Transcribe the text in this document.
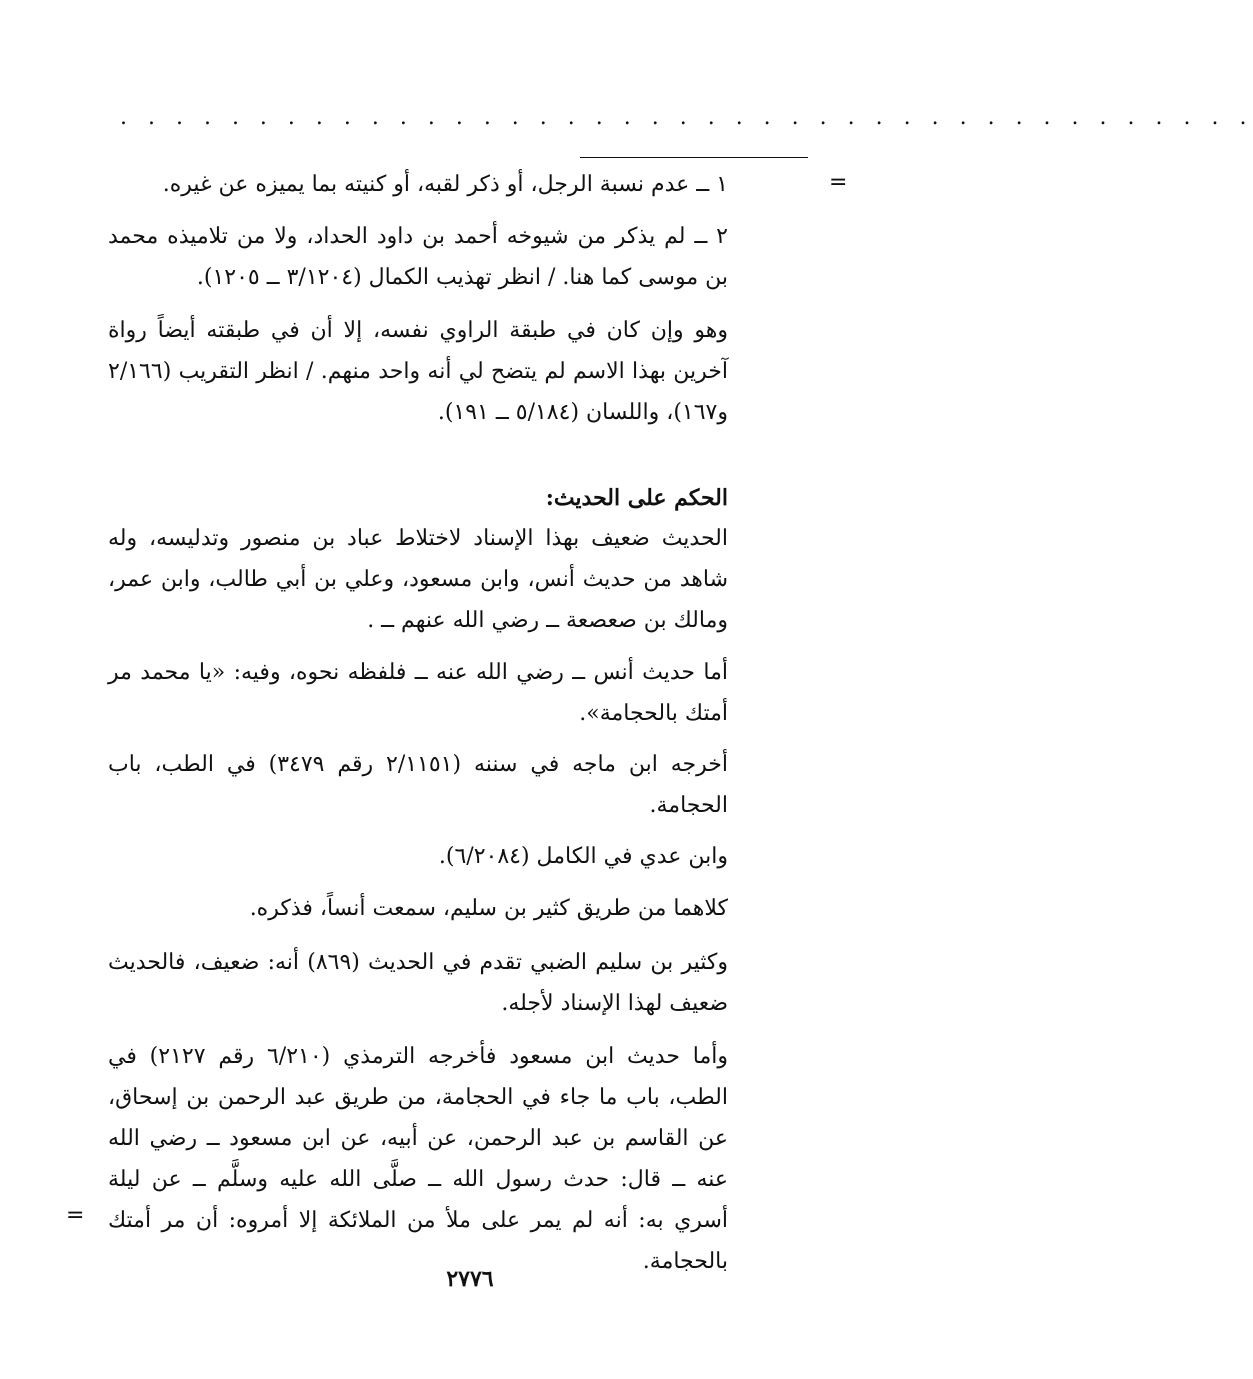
. . . . . . . . . . . . . . . . . . . . . . . . . . . . . . . . . . . . . . . . .
=

١ ــ عدم نسبة الرجل، أو ذكر لقبه، أو كنيته بما يميزه عن غيره.

٢ ــ لم يذكر من شيوخه أحمد بن داود الحداد، ولا من تلاميذه محمد بن موسى كما هنا. / انظر تهذيب الكمال (٣/١٢٠٤ ــ ١٢٠٥).

وهو وإن كان في طبقة الراوي نفسه، إلا أن في طبقته أيضاً رواة آخرين بهذا الاسم لم يتضح لي أنه واحد منهم. / انظر التقريب (٢/١٦٦ و١٦٧)، واللسان (٥/١٨٤ ــ ١٩١).

الحكم على الحديث:

الحديث ضعيف بهذا الإسناد لاختلاط عباد بن منصور وتدليسه، وله شاهد من حديث أنس، وابن مسعود، وعلي بن أبي طالب، وابن عمر، ومالك بن صعصعة ــ رضي الله عنهم ــ .

أما حديث أنس ــ رضي الله عنه ــ فلفظه نحوه، وفيه: «يا محمد مر أمتك بالحجامة».

أخرجه ابن ماجه في سننه (٢/١١٥١ رقم ٣٤٧٩) في الطب، باب الحجامة.

وابن عدي في الكامل (٦/٢٠٨٤).

كلاهما من طريق كثير بن سليم، سمعت أنساً، فذكره.

وكثير بن سليم الضبي تقدم في الحديث (٨٦٩) أنه: ضعيف، فالحديث ضعيف لهذا الإسناد لأجله.

وأما حديث ابن مسعود فأخرجه الترمذي (٦/٢١٠ رقم ٢١٢٧) في الطب، باب ما جاء في الحجامة، من طريق عبد الرحمن بن إسحاق، عن القاسم بن عبد الرحمن، عن أبيه، عن ابن مسعود ــ رضي الله عنه ــ قال: حدث رسول الله ــ صلَّى الله عليه وسلَّم ــ عن ليلة أسري به: أنه لم يمر على ملأ من الملائكة إلا أمروه: أن مر أمتك بالحجامة.

=
٢٧٧٦
